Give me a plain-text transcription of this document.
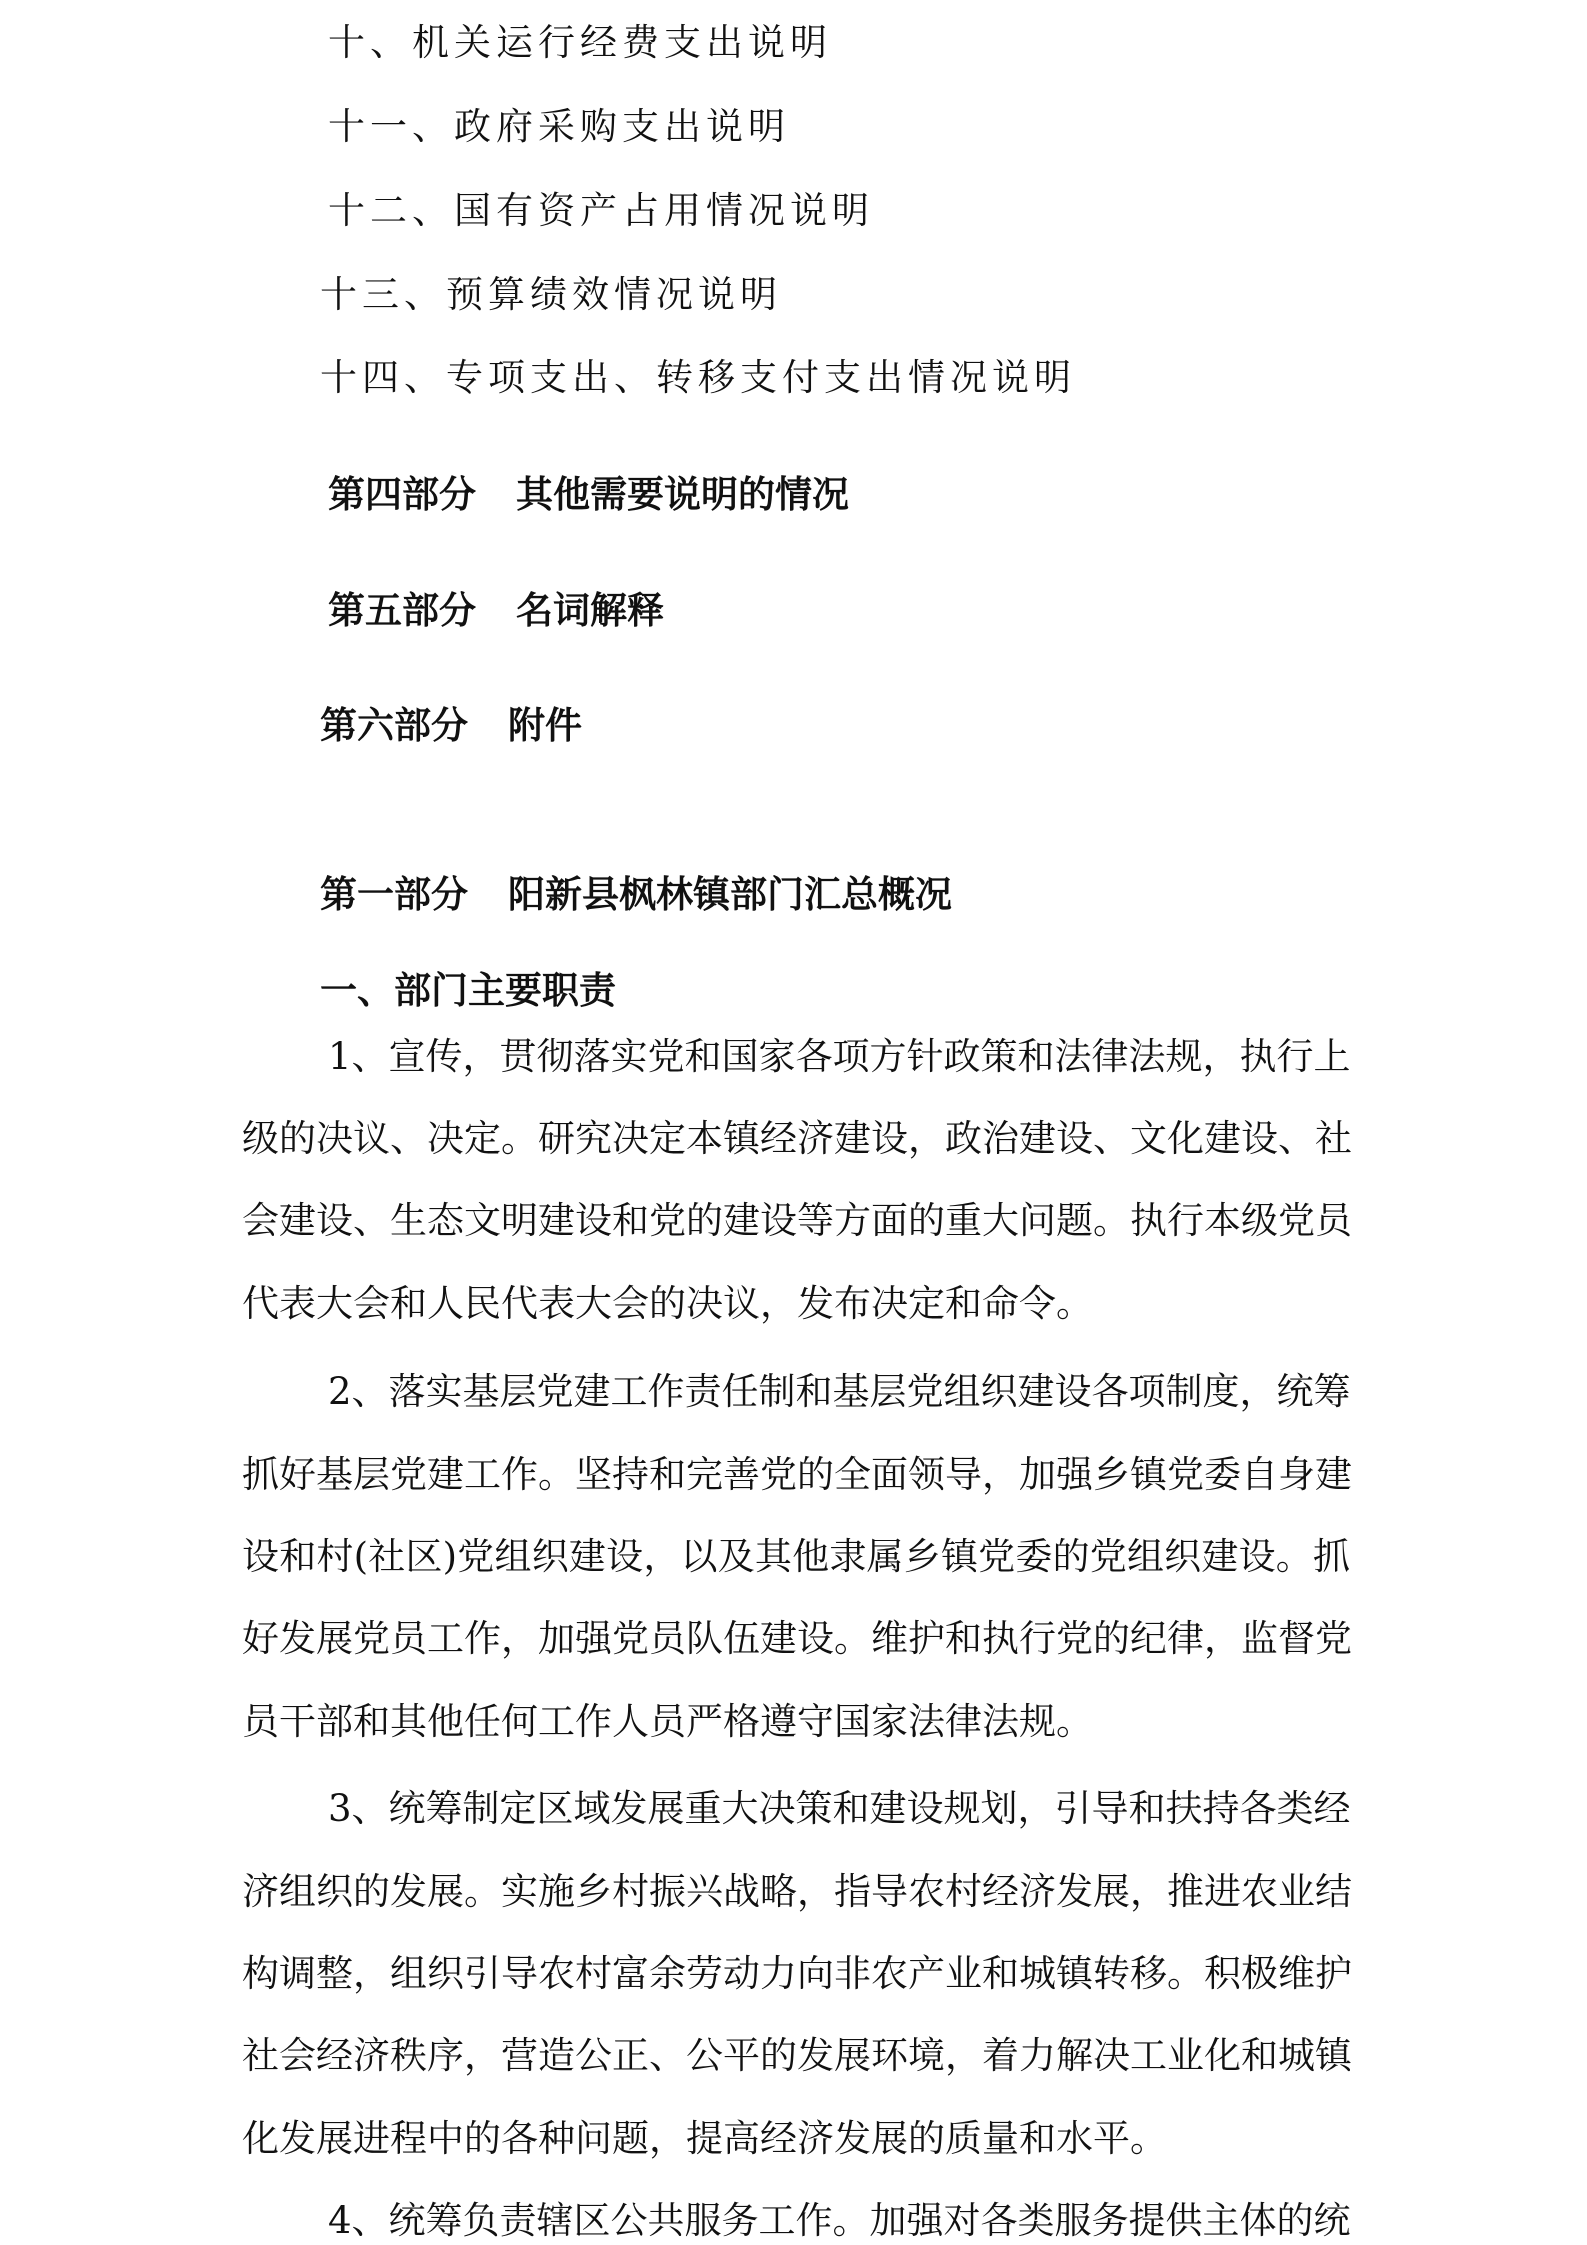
十、机关运行经费支出说明
十一、政府采购支出说明
十二、国有资产占用情况说明
十三、预算绩效情况说明
十四、专项支出、转移支付支出情况说明
第四部分 其他需要说明的情况
第五部分 名词解释
第六部分 附件
第一部分 阳新县枫林镇部门汇总概况
一、部门主要职责
1、宣传，贯彻落实党和国家各项方针政策和法律法规，执行上
级的决议、决定。研究决定本镇经济建设，政治建设、文化建设、社
会建设、生态文明建设和党的建设等方面的重大问题。执行本级党员
代表大会和人民代表大会的决议，发布决定和命令。
2、落实基层党建工作责任制和基层党组织建设各项制度，统筹
抓好基层党建工作。坚持和完善党的全面领导，加强乡镇党委自身建
设和村(社区)党组织建设，以及其他隶属乡镇党委的党组织建设。抓
好发展党员工作，加强党员队伍建设。维护和执行党的纪律，监督党
员干部和其他任何工作人员严格遵守国家法律法规。
3、统筹制定区域发展重大决策和建设规划，引导和扶持各类经
济组织的发展。实施乡村振兴战略，指导农村经济发展，推进农业结
构调整，组织引导农村富余劳动力向非农产业和城镇转移。积极维护
社会经济秩序，营造公正、公平的发展环境，着力解决工业化和城镇
化发展进程中的各种问题，提高经济发展的质量和水平。
4、统筹负责辖区公共服务工作。加强对各类服务提供主体的统
